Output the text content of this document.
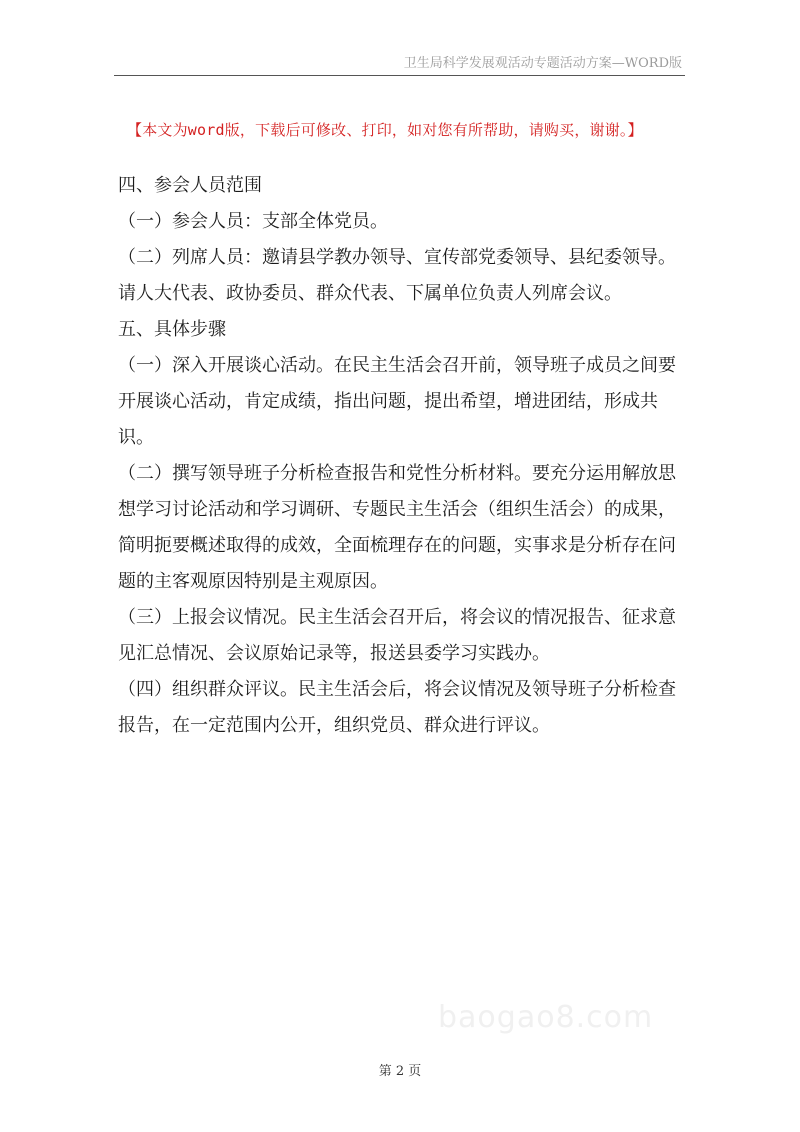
卫生局科学发展观活动专题活动方案—WORD版
【本文为word版，下载后可修改、打印，如对您有所帮助，请购买，谢谢。】

四、参会人员范围

（一）参会人员：支部全体党员。

（二）列席人员：邀请县学教办领导、宣传部党委领导、县纪委领导。请人大代表、政协委员、群众代表、下属单位负责人列席会议。

五、具体步骤

（一）深入开展谈心活动。在民主生活会召开前，领导班子成员之间要开展谈心活动，肯定成绩，指出问题，提出希望，增进团结，形成共识。

（二）撰写领导班子分析检查报告和党性分析材料。要充分运用解放思想学习讨论活动和学习调研、专题民主生活会（组织生活会）的成果，简明扼要概述取得的成效，全面梳理存在的问题，实事求是分析存在问题的主客观原因特别是主观原因。

（三）上报会议情况。民主生活会召开后，将会议的情况报告、征求意见汇总情况、会议原始记录等，报送县委学习实践办。

（四）组织群众评议。民主生活会后，将会议情况及领导班子分析检查报告，在一定范围内公开，组织党员、群众进行评议。

baogao8.com
第 2 页
